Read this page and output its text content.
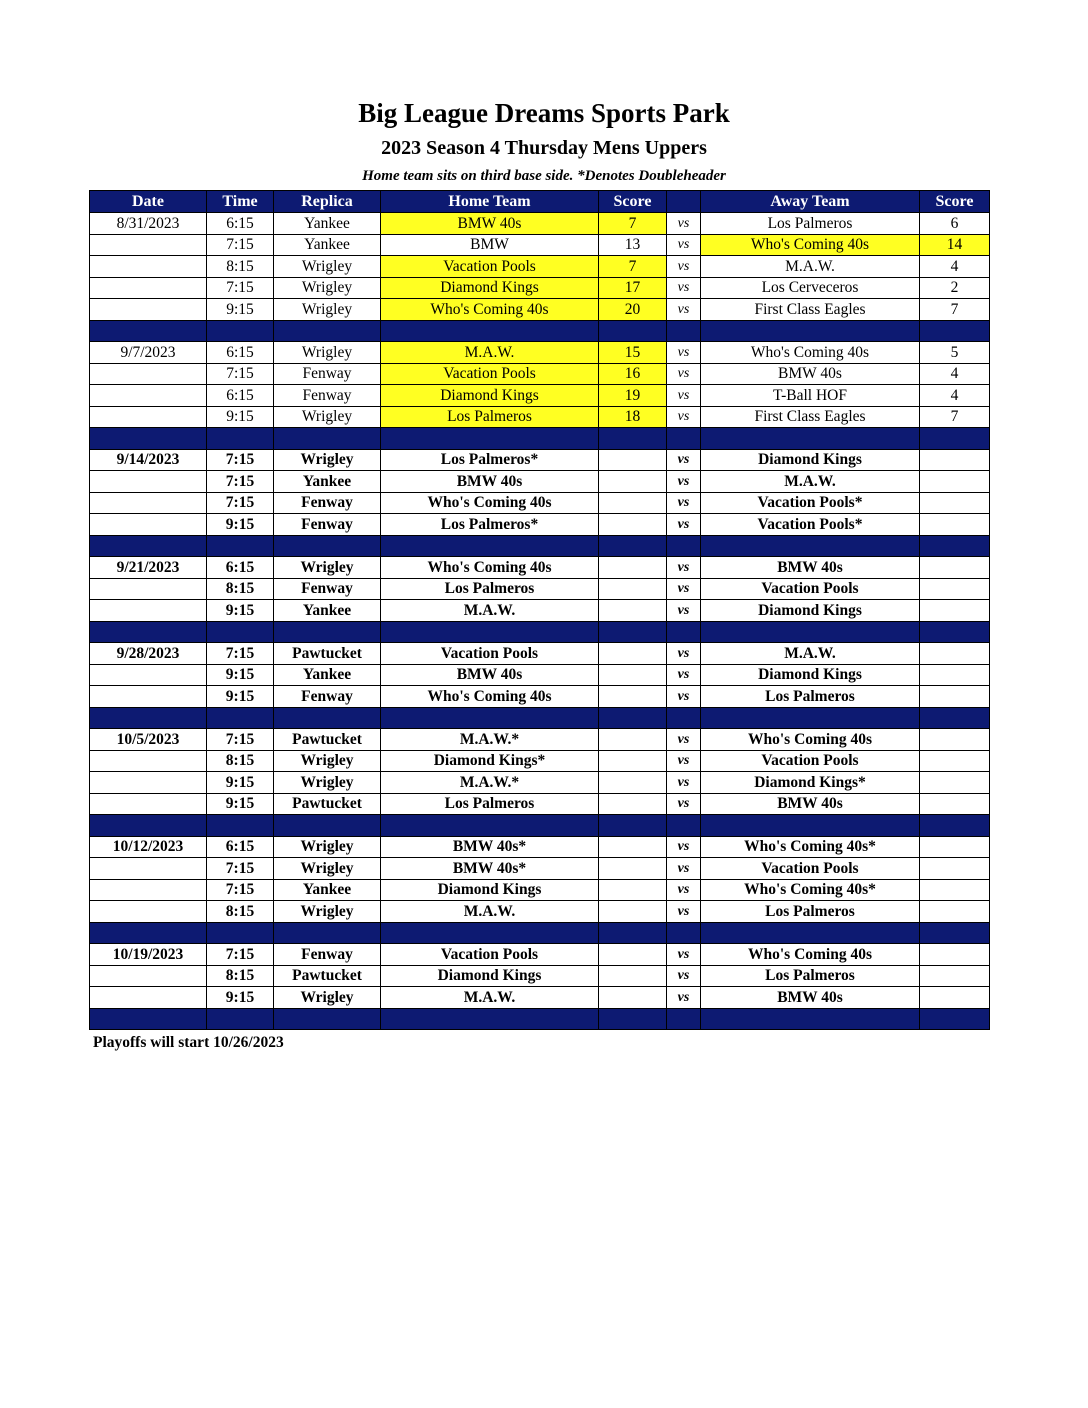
Big League Dreams Sports Park
2023 Season 4 Thursday Mens Uppers
Home team sits on third base side. *Denotes Doubleheader
Date	Time	Replica	Home Team	Score		Away Team	Score
8/31/2023	6:15	Yankee	BMW 40s	7	vs	Los Palmeros	6
	7:15	Yankee	BMW	13	vs	Who's Coming 40s	14
	8:15	Wrigley	Vacation Pools	7	vs	M.A.W.	4
	7:15	Wrigley	Diamond Kings	17	vs	Los Cerveceros	2
	9:15	Wrigley	Who's Coming 40s	20	vs	First Class Eagles	7

9/7/2023	6:15	Wrigley	M.A.W.	15	vs	Who's Coming 40s	5
	7:15	Fenway	Vacation Pools	16	vs	BMW 40s	4
	6:15	Fenway	Diamond Kings	19	vs	T-Ball HOF	4
	9:15	Wrigley	Los Palmeros	18	vs	First Class Eagles	7

9/14/2023	7:15	Wrigley	Los Palmeros*		vs	Diamond Kings	
	7:15	Yankee	BMW 40s		vs	M.A.W.	
	7:15	Fenway	Who's Coming 40s		vs	Vacation Pools*	
	9:15	Fenway	Los Palmeros*		vs	Vacation Pools*	

9/21/2023	6:15	Wrigley	Who's Coming 40s		vs	BMW 40s	
	8:15	Fenway	Los Palmeros		vs	Vacation Pools	
	9:15	Yankee	M.A.W.		vs	Diamond Kings	

9/28/2023	7:15	Pawtucket	Vacation Pools		vs	M.A.W.	
	9:15	Yankee	BMW 40s		vs	Diamond Kings	
	9:15	Fenway	Who's Coming 40s		vs	Los Palmeros	

10/5/2023	7:15	Pawtucket	M.A.W.*		vs	Who's Coming 40s	
	8:15	Wrigley	Diamond Kings*		vs	Vacation Pools	
	9:15	Wrigley	M.A.W.*		vs	Diamond Kings*	
	9:15	Pawtucket	Los Palmeros		vs	BMW 40s	

10/12/2023	6:15	Wrigley	BMW 40s*		vs	Who's Coming 40s*	
	7:15	Wrigley	BMW 40s*		vs	Vacation Pools	
	7:15	Yankee	Diamond Kings		vs	Who's Coming 40s*	
	8:15	Wrigley	M.A.W.		vs	Los Palmeros	

10/19/2023	7:15	Fenway	Vacation Pools		vs	Who's Coming 40s	
	8:15	Pawtucket	Diamond Kings		vs	Los Palmeros	
	9:15	Wrigley	M.A.W.		vs	BMW 40s	

Playoffs will start 10/26/2023
